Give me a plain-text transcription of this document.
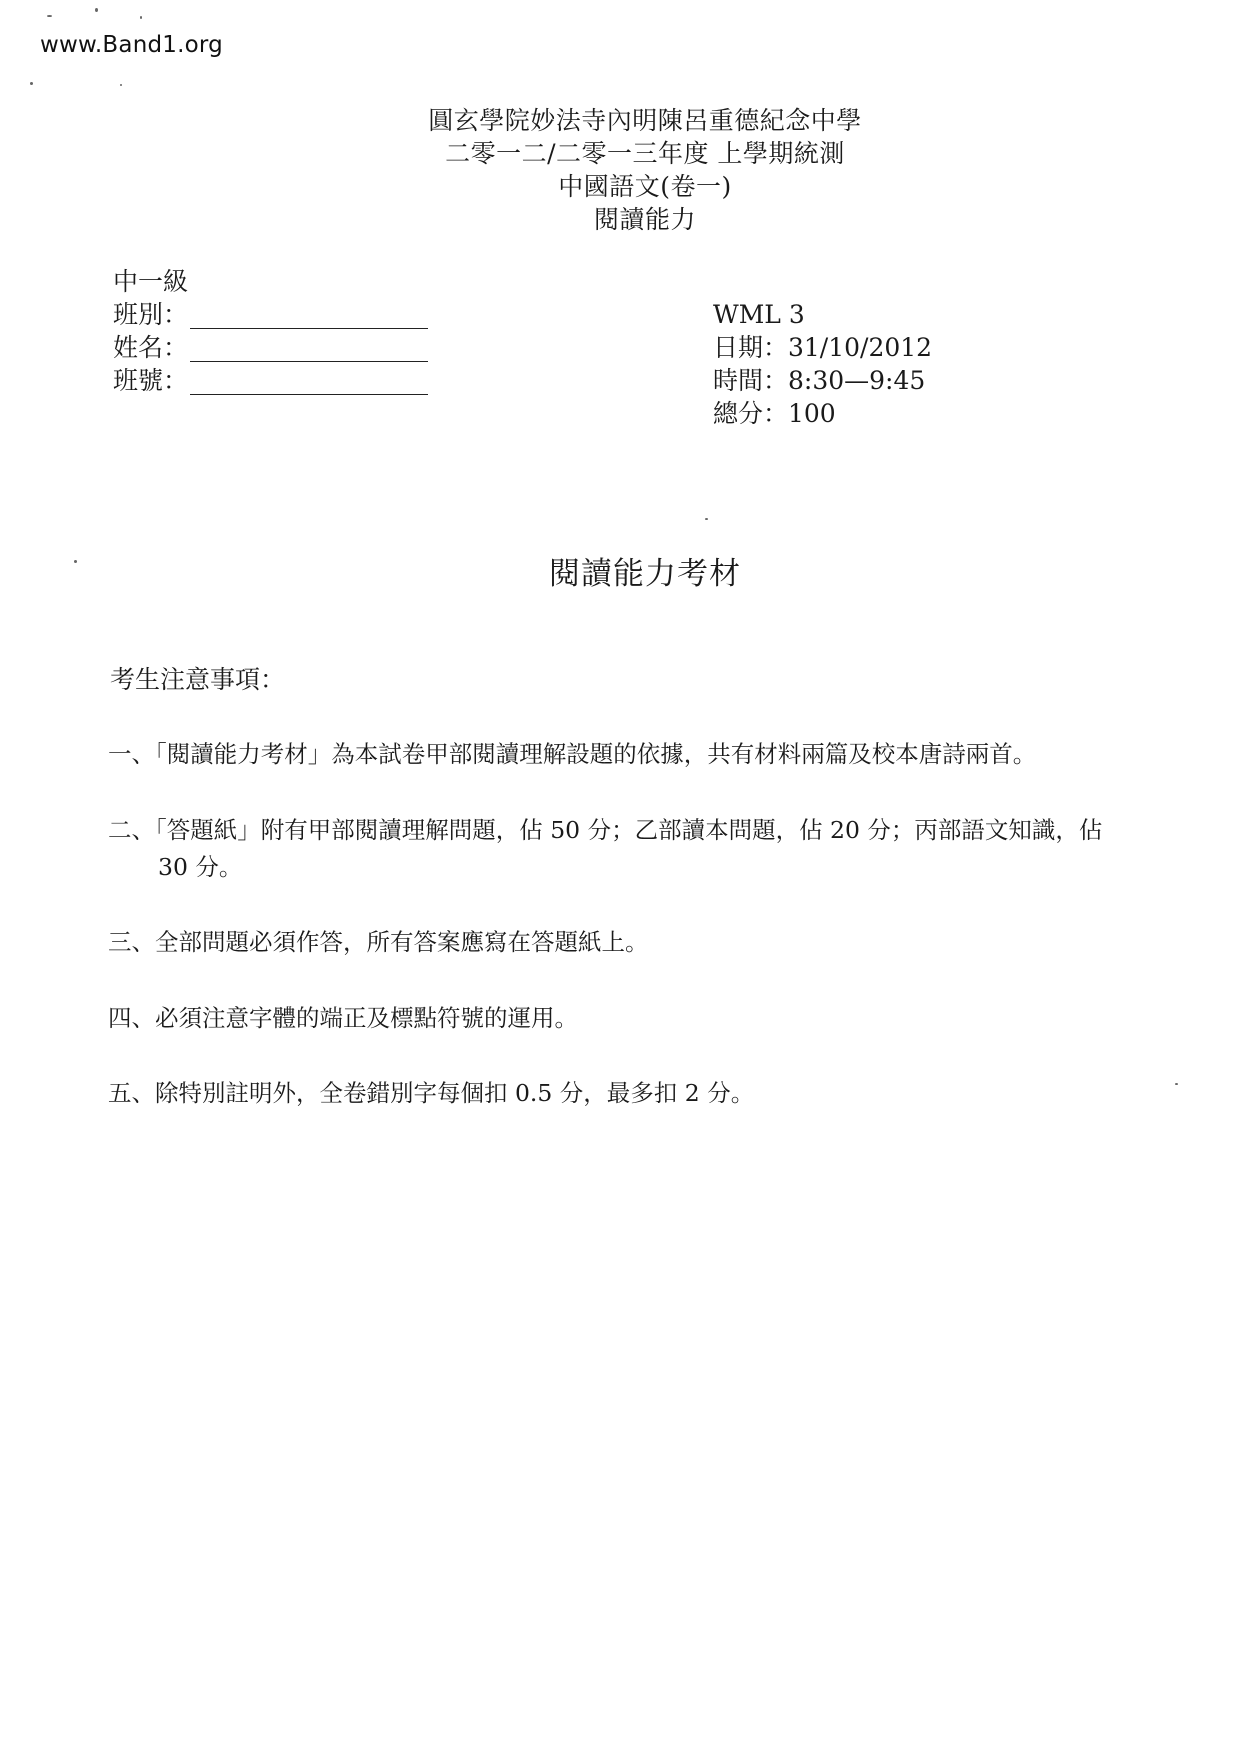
www.Band1.org
圓玄學院妙法寺內明陳呂重德紀念中學
二零一二/二零一三年度 上學期統測
中國語文(卷一)
閱讀能力
中一級
班別：
姓名：
班號：
WML 3
日期：31/10/2012
時間：8:30—9:45
總分：100
閱讀能力考材
考生注意事項：
一、「閱讀能力考材」為本試卷甲部閱讀理解設題的依據，共有材料兩篇及校本唐詩兩首。
二、「答題紙」附有甲部閱讀理解問題，佔 50 分；乙部讀本問題，佔 20 分；丙部語文知識，佔
30 分。
三、全部問題必須作答，所有答案應寫在答題紙上。
四、必須注意字體的端正及標點符號的運用。
五、除特別註明外，全卷錯別字每個扣 0.5 分，最多扣 2 分。
